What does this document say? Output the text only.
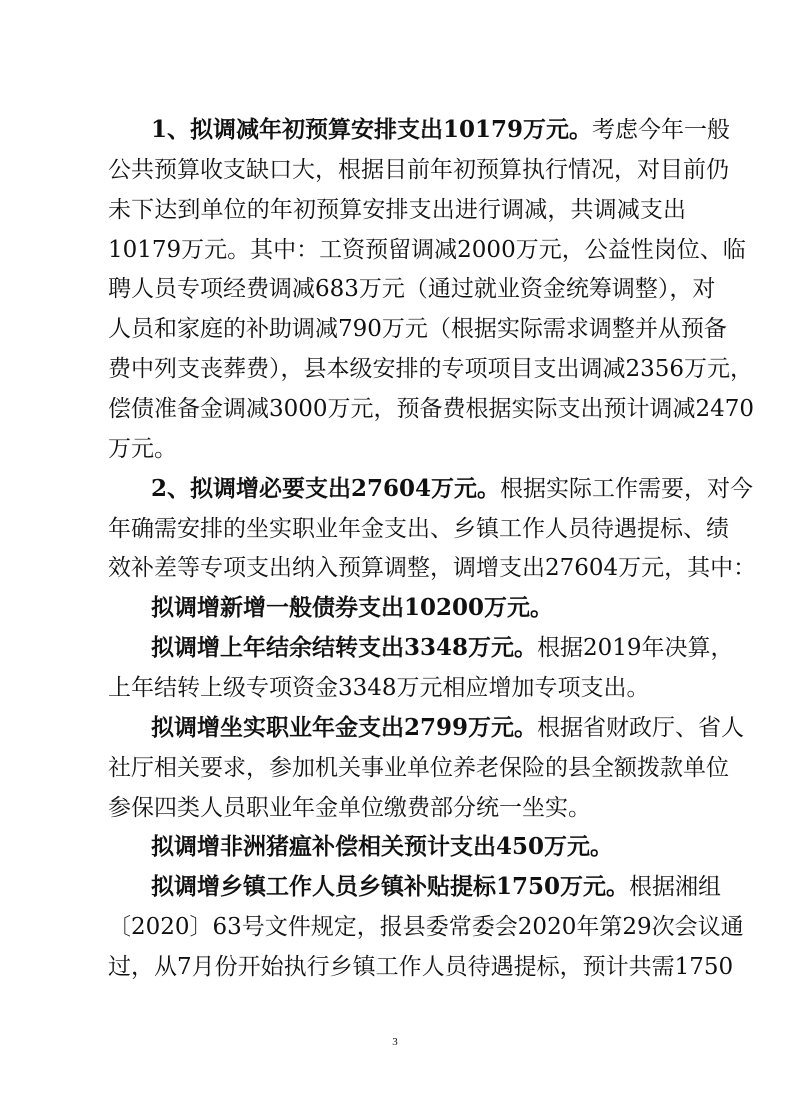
1、拟调减年初预算安排支出10179万元。考虑今年一般
公共预算收支缺口大，根据目前年初预算执行情况，对目前仍
未下达到单位的年初预算安排支出进行调减，共调减支出
10179万元。其中：工资预留调减2000万元，公益性岗位、临
聘人员专项经费调减683万元（通过就业资金统筹调整），对
人员和家庭的补助调减790万元（根据实际需求调整并从预备
费中列支丧葬费），县本级安排的专项项目支出调减2356万元，
偿债准备金调减3000万元，预备费根据实际支出预计调减2470
万元。
2、拟调增必要支出27604万元。根据实际工作需要，对今
年确需安排的坐实职业年金支出、乡镇工作人员待遇提标、绩
效补差等专项支出纳入预算调整，调增支出27604万元，其中：
拟调增新增一般债券支出10200万元。
拟调增上年结余结转支出3348万元。根据2019年决算，
上年结转上级专项资金3348万元相应增加专项支出。
拟调增坐实职业年金支出2799万元。根据省财政厅、省人
社厅相关要求，参加机关事业单位养老保险的县全额拨款单位
参保四类人员职业年金单位缴费部分统一坐实。
拟调增非洲猪瘟补偿相关预计支出450万元。
拟调增乡镇工作人员乡镇补贴提标1750万元。根据湘组
〔2020〕63号文件规定，报县委常委会2020年第29次会议通
过，从7月份开始执行乡镇工作人员待遇提标，预计共需1750
3
